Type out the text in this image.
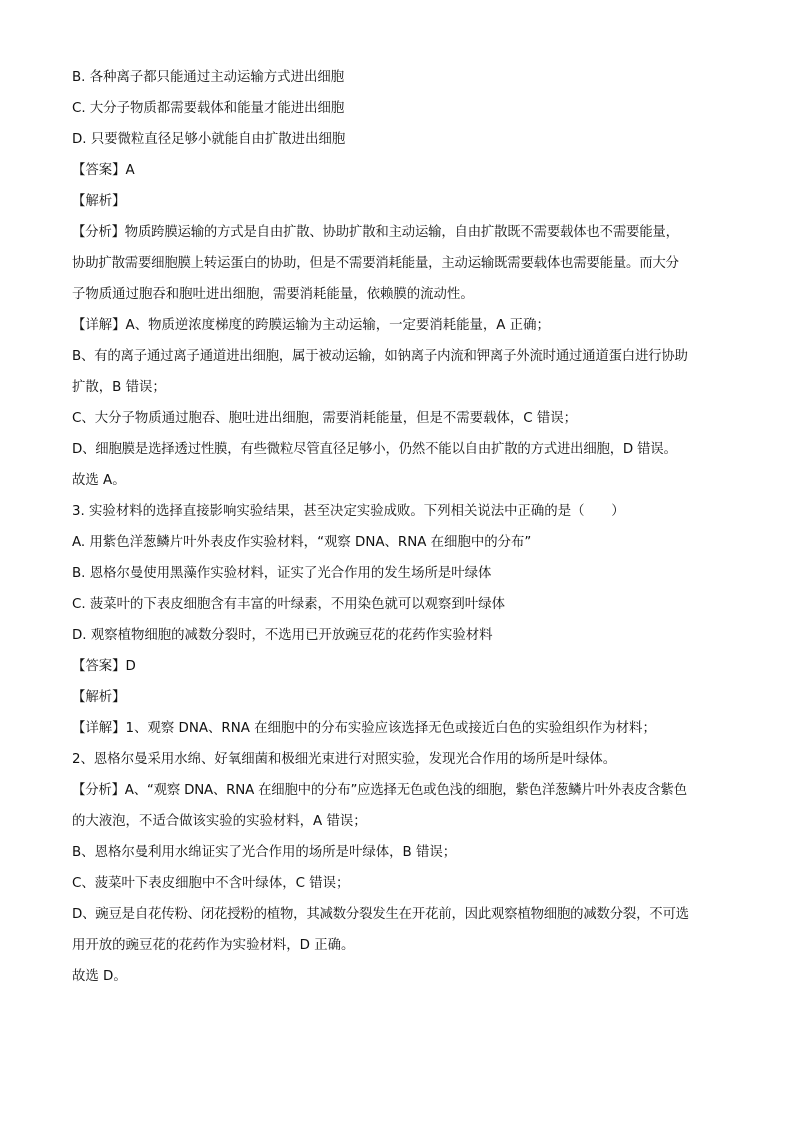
B. 各种离子都只能通过主动运输方式进出细胞
C. 大分子物质都需要载体和能量才能进出细胞
D. 只要微粒直径足够小就能自由扩散进出细胞
【答案】A
【解析】
【分析】物质跨膜运输的方式是自由扩散、协助扩散和主动运输，自由扩散既不需要载体也不需要能量，
协助扩散需要细胞膜上转运蛋白的协助，但是不需要消耗能量，主动运输既需要载体也需要能量。而大分
子物质通过胞吞和胞吐进出细胞，需要消耗能量，依赖膜的流动性。
【详解】A、物质逆浓度梯度的跨膜运输为主动运输，一定要消耗能量，A 正确；
B、有的离子通过离子通道进出细胞，属于被动运输，如钠离子内流和钾离子外流时通过通道蛋白进行协助
扩散，B 错误；
C、大分子物质通过胞吞、胞吐进出细胞，需要消耗能量，但是不需要载体，C 错误；
D、细胞膜是选择透过性膜，有些微粒尽管直径足够小，仍然不能以自由扩散的方式进出细胞，D 错误。
故选 A。
3. 实验材料的选择直接影响实验结果，甚至决定实验成败。下列相关说法中正确的是（　　）
A. 用紫色洋葱鳞片叶外表皮作实验材料，“观察 DNA、RNA 在细胞中的分布”
B. 恩格尔曼使用黑藻作实验材料，证实了光合作用的发生场所是叶绿体
C. 菠菜叶的下表皮细胞含有丰富的叶绿素，不用染色就可以观察到叶绿体
D. 观察植物细胞的减数分裂时，不选用已开放豌豆花的花药作实验材料
【答案】D
【解析】
【详解】1、观察 DNA、RNA 在细胞中的分布实验应该选择无色或接近白色的实验组织作为材料；
2、恩格尔曼采用水绵、好氧细菌和极细光束进行对照实验，发现光合作用的场所是叶绿体。
【分析】A、“观察 DNA、RNA 在细胞中的分布”应选择无色或色浅的细胞，紫色洋葱鳞片叶外表皮含紫色
的大液泡，不适合做该实验的实验材料，A 错误；
B、恩格尔曼利用水绵证实了光合作用的场所是叶绿体，B 错误；
C、菠菜叶下表皮细胞中不含叶绿体，C 错误；
D、豌豆是自花传粉、闭花授粉的植物，其减数分裂发生在开花前，因此观察植物细胞的减数分裂，不可选
用开放的豌豆花的花药作为实验材料，D 正确。
故选 D。
